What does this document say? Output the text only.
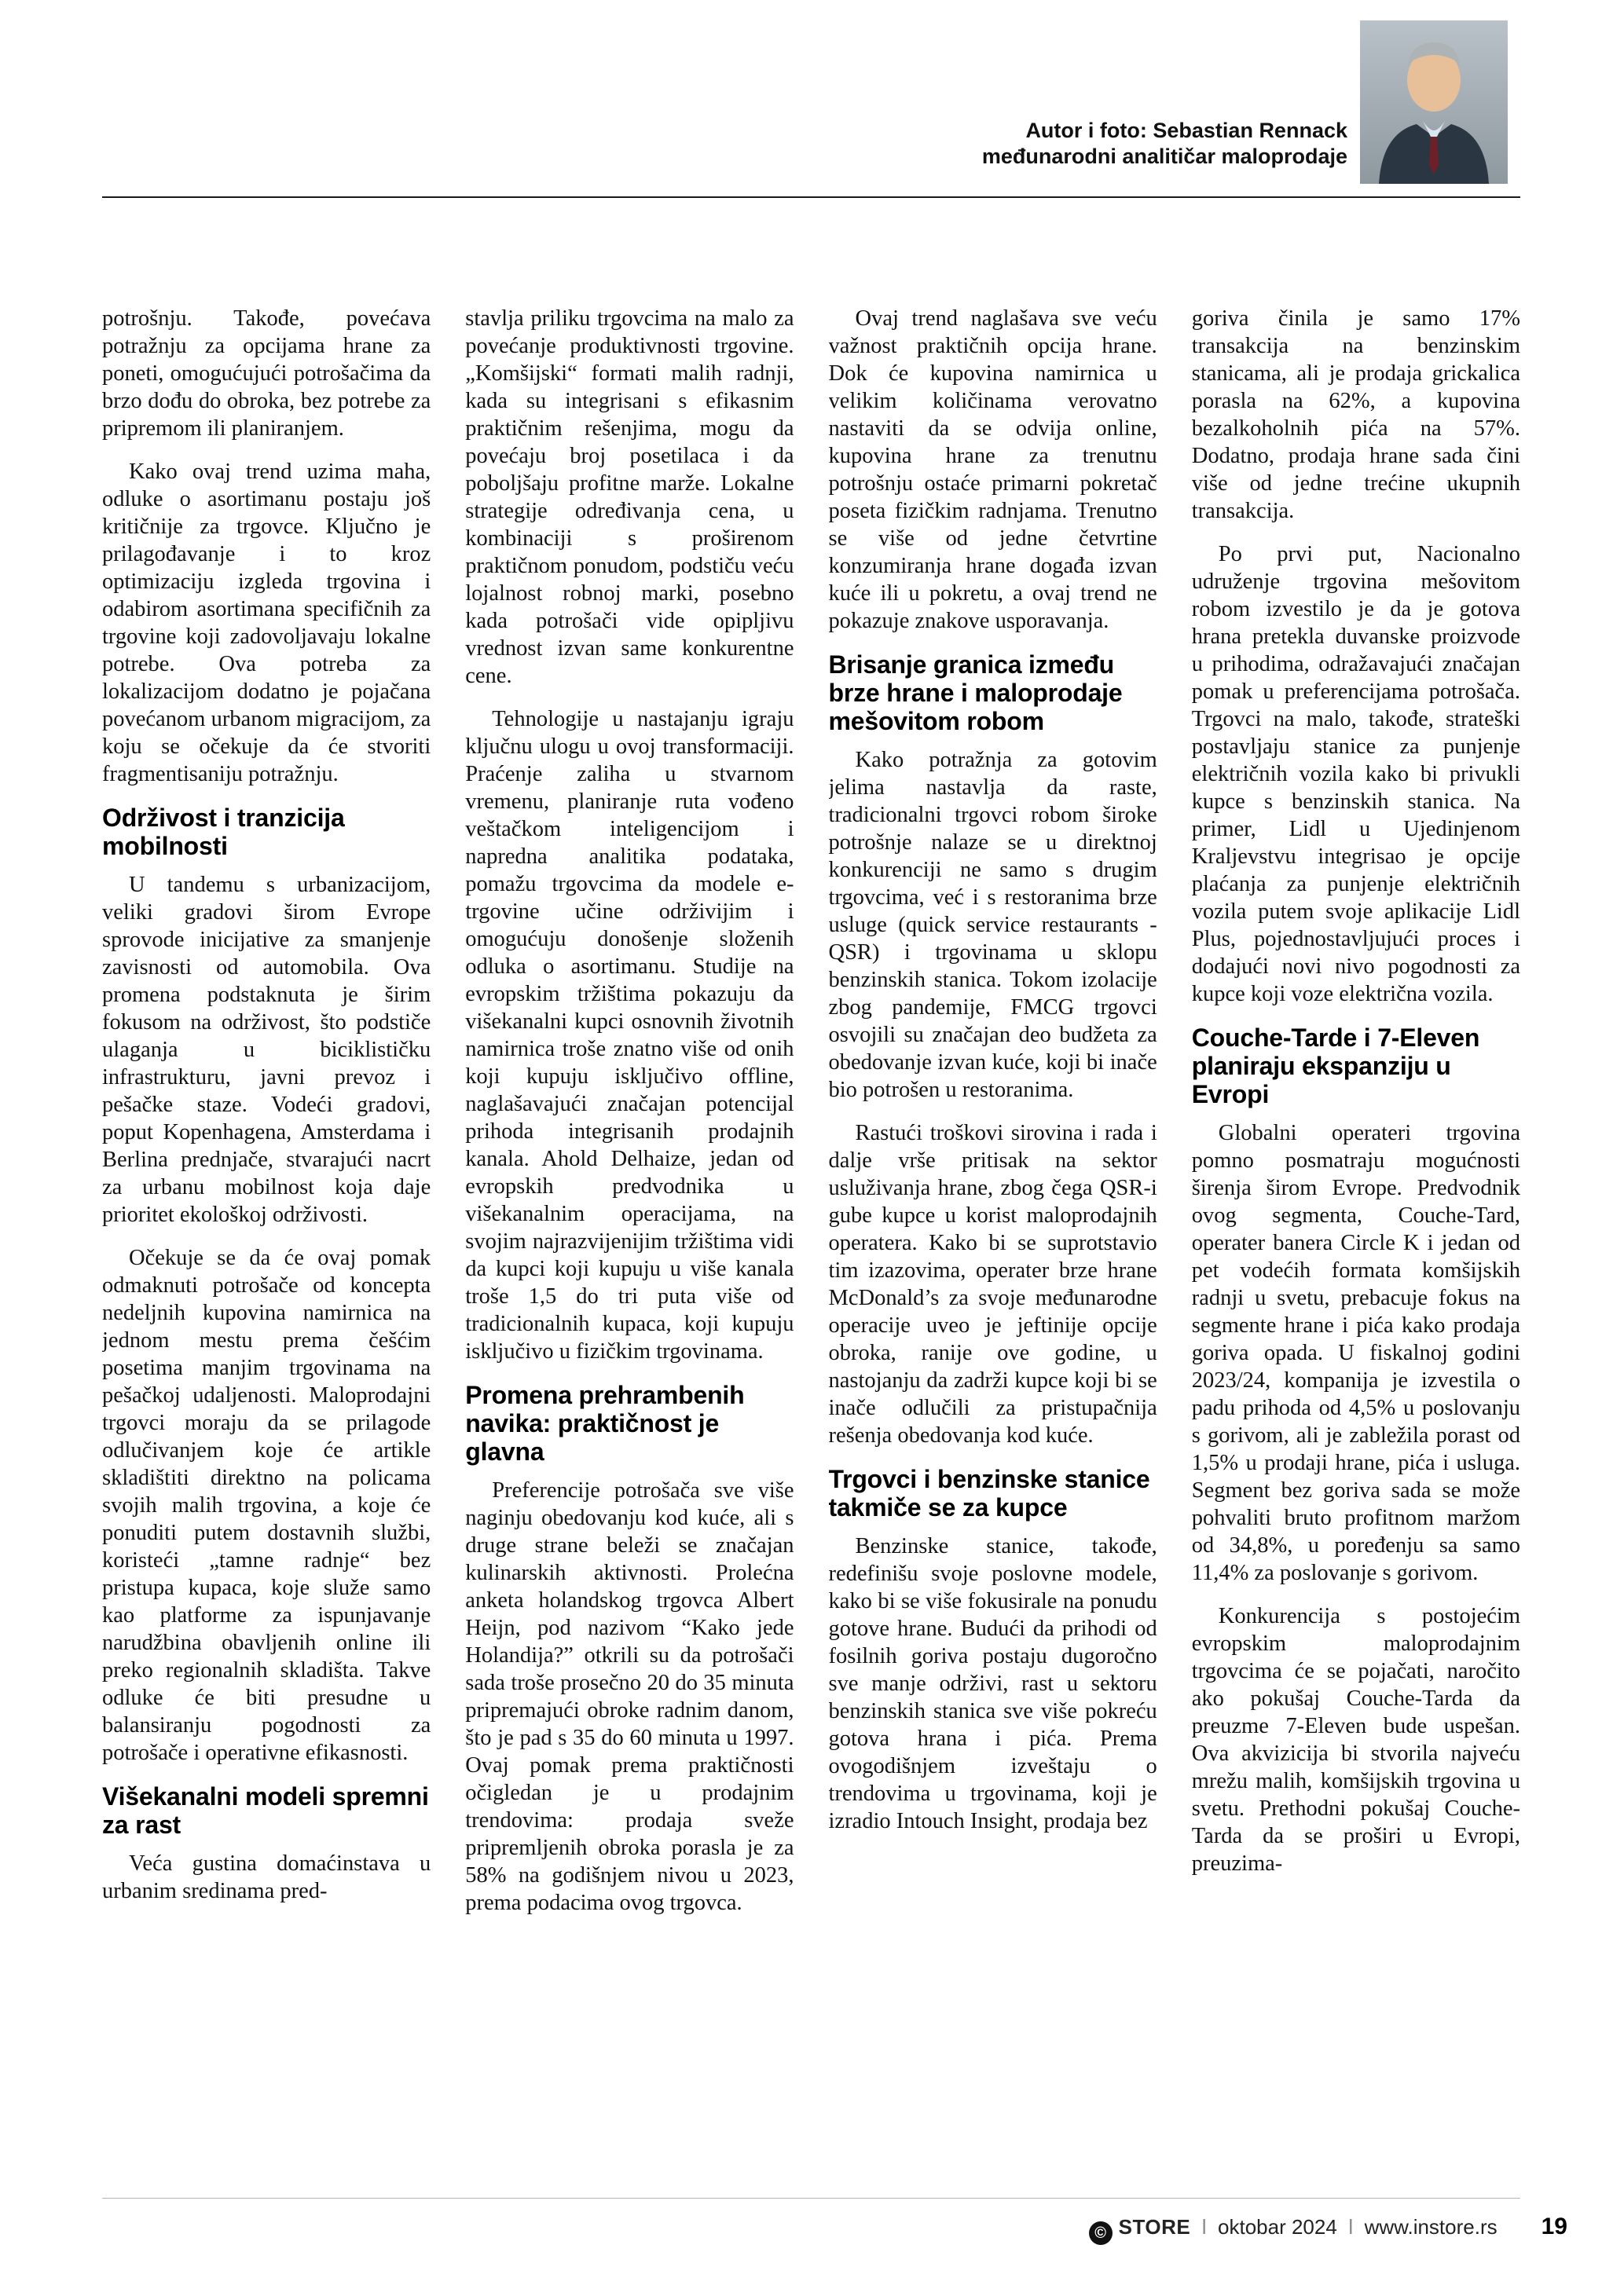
Autor i foto: Sebastian Rennack
međunarodni analitičar maloprodaje

potrošnju. Takođe, povećava potražnju za opcijama hrane za poneti, omogućujući potrošačima da brzo dođu do obroka, bez potrebe za pripremom ili planiranjem.

Kako ovaj trend uzima maha, odluke o asortimanu postaju još kritičnije za trgovce. Ključno je prilagođavanje i to kroz optimizaciju izgleda trgovina i odabirom asortimana specifičnih za trgovine koji zadovoljavaju lokalne potrebe. Ova potreba za lokalizacijom dodatno je pojačana povećanom urbanom migracijom, za koju se očekuje da će stvoriti fragmentisaniju potražnju.

Održivost i tranzicija mobilnosti

U tandemu s urbanizacijom, veliki gradovi širom Evrope sprovode inicijative za smanjenje zavisnosti od automobila. Ova promena podstaknuta je širim fokusom na održivost, što podstiče ulaganja u biciklističku infrastrukturu, javni prevoz i pešačke staze. Vodeći gradovi, poput Kopenhagena, Amsterdama i Berlina prednjače, stvarajući nacrt za urbanu mobilnost koja daje prioritet ekološkoj održivosti.

Očekuje se da će ovaj pomak odmaknuti potrošače od koncepta nedeljnih kupovina namirnica na jednom mestu prema češćim posetima manjim trgovinama na pešačkoj udaljenosti. Maloprodajni trgovci moraju da se prilagode odlučivanjem koje će artikle skladištiti direktno na policama svojih malih trgovina, a koje će ponuditi putem dostavnih službi, koristeći „tamne radnje“ bez pristupa kupaca, koje služe samo kao platforme za ispunjavanje narudžbina obavljenih online ili preko regionalnih skladišta. Takve odluke će biti presudne u balansiranju pogodnosti za potrošače i operativne efikasnosti.

Višekanalni modeli spremni za rast

Veća gustina domaćinstava u urbanim sredinama pred-

stavlja priliku trgovcima na malo za povećanje produktivnosti trgovine. „Komšijski“ formati malih radnji, kada su integrisani s efikasnim praktičnim rešenjima, mogu da povećaju broj posetilaca i da poboljšaju profitne marže. Lokalne strategije određivanja cena, u kombinaciji s proširenom praktičnom ponudom, podstiču veću lojalnost robnoj marki, posebno kada potrošači vide opipljivu vrednost izvan same konkurentne cene.

Tehnologije u nastajanju igraju ključnu ulogu u ovoj transformaciji. Praćenje zaliha u stvarnom vremenu, planiranje ruta vođeno veštačkom inteligencijom i napredna analitika podataka, pomažu trgovcima da modele e-trgovine učine održivijim i omogućuju donošenje složenih odluka o asortimanu. Studije na evropskim tržištima pokazuju da višekanalni kupci osnovnih životnih namirnica troše znatno više od onih koji kupuju isključivo offline, naglašavajući značajan potencijal prihoda integrisanih prodajnih kanala. Ahold Delhaize, jedan od evropskih predvodnika u višekanalnim operacijama, na svojim najrazvijenijim tržištima vidi da kupci koji kupuju u više kanala troše 1,5 do tri puta više od tradicionalnih kupaca, koji kupuju isključivo u fizičkim trgovinama.

Promena prehrambenih navika: praktičnost je glavna

Preferencije potrošača sve više naginju obedovanju kod kuće, ali s druge strane beleži se značajan kulinarskih aktivnosti. Prolećna anketa holandskog trgovca Albert Heijn, pod nazivom “Kako jede Holandija?” otkrili su da potrošači sada troše prosečno 20 do 35 minuta pripremajući obroke radnim danom, što je pad s 35 do 60 minuta u 1997. Ovaj pomak prema praktičnosti očigledan je u prodajnim trendovima: prodaja sveže pripremljenih obroka porasla je za 58% na godišnjem nivou u 2023, prema podacima ovog trgovca.

Ovaj trend naglašava sve veću važnost praktičnih opcija hrane. Dok će kupovina namirnica u velikim količinama verovatno nastaviti da se odvija online, kupovina hrane za trenutnu potrošnju ostaće primarni pokretač poseta fizičkim radnjama. Trenutno se više od jedne četvrtine konzumiranja hrane događa izvan kuće ili u pokretu, a ovaj trend ne pokazuje znakove usporavanja.

Brisanje granica između brze hrane i maloprodaje mešovitom robom

Kako potražnja za gotovim jelima nastavlja da raste, tradicionalni trgovci robom široke potrošnje nalaze se u direktnoj konkurenciji ne samo s drugim trgovcima, već i s restoranima brze usluge (quick service restaurants - QSR) i trgovinama u sklopu benzinskih stanica. Tokom izolacije zbog pandemije, FMCG trgovci osvojili su značajan deo budžeta za obedovanje izvan kuće, koji bi inače bio potrošen u restoranima.

Rastući troškovi sirovina i rada i dalje vrše pritisak na sektor usluživanja hrane, zbog čega QSR-i gube kupce u korist maloprodajnih operatera. Kako bi se suprotstavio tim izazovima, operater brze hrane McDonald’s za svoje međunarodne operacije uveo je jeftinije opcije obroka, ranije ove godine, u nastojanju da zadrži kupce koji bi se inače odlučili za pristupačnija rešenja obedovanja kod kuće.

Trgovci i benzinske stanice takmiče se za kupce

Benzinske stanice, takođe, redefinišu svoje poslovne modele, kako bi se više fokusirale na ponudu gotove hrane. Budući da prihodi od fosilnih goriva postaju dugoročno sve manje održivi, rast u sektoru benzinskih stanica sve više pokreću gotova hrana i pića. Prema ovogodišnjem izveštaju o trendovima u trgovinama, koji je izradio Intouch Insight, prodaja bez

goriva činila je samo 17% transakcija na benzinskim stanicama, ali je prodaja grickalica porasla na 62%, a kupovina bezalkoholnih pića na 57%. Dodatno, prodaja hrane sada čini više od jedne trećine ukupnih transakcija.

Po prvi put, Nacionalno udruženje trgovina mešovitom robom izvestilo je da je gotova hrana pretekla duvanske proizvode u prihodima, odražavajući značajan pomak u preferencijama potrošača. Trgovci na malo, takođe, strateški postavljaju stanice za punjenje električnih vozila kako bi privukli kupce s benzinskih stanica. Na primer, Lidl u Ujedinjenom Kraljevstvu integrisao je opcije plaćanja za punjenje električnih vozila putem svoje aplikacije Lidl Plus, pojednostavljujući proces i dodajući novi nivo pogodnosti za kupce koji voze električna vozila.

Couche-Tarde i 7-Eleven planiraju ekspanziju u Evropi

Globalni operateri trgovina pomno posmatraju mogućnosti širenja širom Evrope. Predvodnik ovog segmenta, Couche-Tard, operater banera Circle K i jedan od pet vodećih formata komšijskih radnji u svetu, prebacuje fokus na segmente hrane i pića kako prodaja goriva opada. U fiskalnoj godini 2023/24, kompanija je izvestila o padu prihoda od 4,5% u poslovanju s gorivom, ali je zabležila porast od 1,5% u prodaji hrane, pića i usluga. Segment bez goriva sada se može pohvaliti bruto profitnom maržom od 34,8%, u poređenju sa samo 11,4% za poslovanje s gorivom.

Konkurencija s postojećim evropskim maloprodajnim trgovcima će se pojačati, naročito ako pokušaj Couche-Tarda da preuzme 7-Eleven bude uspešan. Ova akvizicija bi stvorila najveću mrežu malih, komšijskih trgovina u svetu. Prethodni pokušaj Couche-Tarda da se proširi u Evropi, preuzima-

© STORE ǀ oktobar 2024 ǀ www.instore.rs 19
